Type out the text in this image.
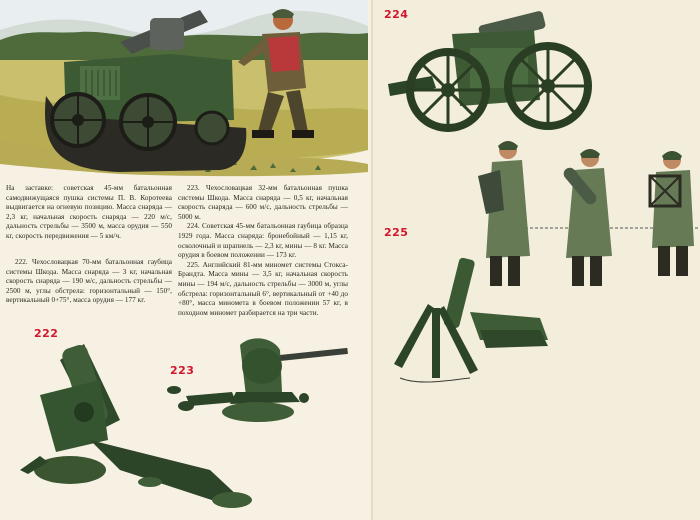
На заставке: советская 45-мм батальонная самодвижущаяся пушка системы П. В. Коротеева выдвигается на огневую позицию. Масса снаряда — 2,3 кг, начальная скорость снаряда — 220 м/с, дальность стрельбы — 3500 м, масса орудия — 550 кг, скорость передвижения — 5 км/ч.

222. Чехословацкая 70-мм батальонная гаубица системы Шкода. Масса снаряда — 3 кг, начальная скорость снаряда — 190 м/с, дальность стрельбы — 2500 м, углы обстрела: горизонтальный — 150°, вертикальный 0+75°, масса орудия — 177 кг.

223. Чехословацкая 32-мм батальонная пушка системы Шкода. Масса снаряда — 0,5 кг, начальная скорость снаряда — 600 м/с, дальность стрельбы — 5000 м.

224. Советская 45-мм батальонная гаубица образца 1929 года. Масса снаряда: бронебойный — 1,15 кг, осколочный и шрапнель — 2,3 кг, мины — 8 кг. Масса орудия в боевом положении — 173 кг.

225. Английский 81-мм миномет системы Стокса-Брандта. Масса мины — 3,5 кг, начальная скорость мины — 194 м/с, дальность стрельбы — 3000 м, углы обстрела: горизонтальный 6°, вертикальный от +40 до +80°, масса миномета в боевом положении 57 кг, в походном миномет разбирается на три части.

222
223
224
225
